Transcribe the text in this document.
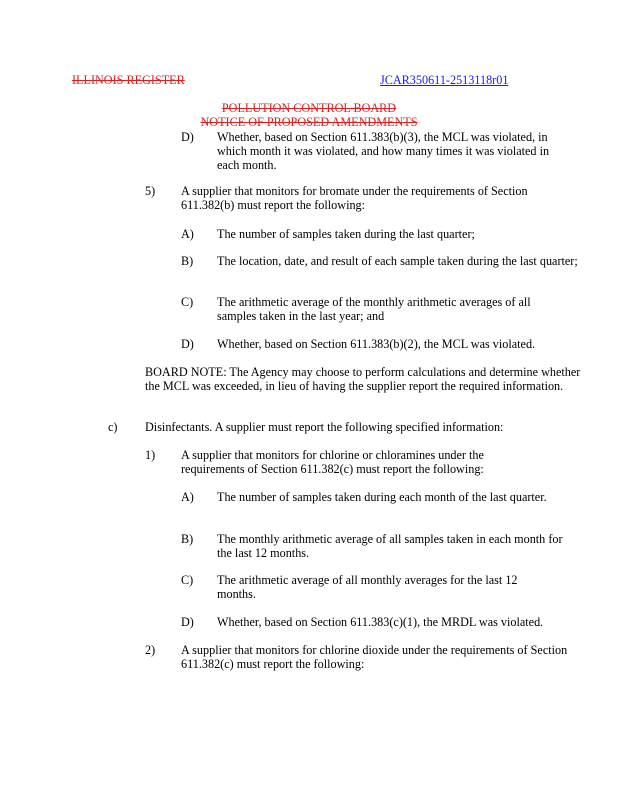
ILLINOIS REGISTER	JCAR350611-2513118r01
POLLUTION CONTROL BOARD
NOTICE OF PROPOSED AMENDMENTS
D) Whether, based on Section 611.383(b)(3), the MCL was violated, in which month it was violated, and how many times it was violated in each month.
5) A supplier that monitors for bromate under the requirements of Section 611.382(b) must report the following:
A) The number of samples taken during the last quarter;
B) The location, date, and result of each sample taken during the last quarter;
C) The arithmetic average of the monthly arithmetic averages of all samples taken in the last year; and
D) Whether, based on Section 611.383(b)(2), the MCL was violated.
BOARD NOTE: The Agency may choose to perform calculations and determine whether the MCL was exceeded, in lieu of having the supplier report the required information.
c) Disinfectants. A supplier must report the following specified information:
1) A supplier that monitors for chlorine or chloramines under the requirements of Section 611.382(c) must report the following:
A) The number of samples taken during each month of the last quarter.
B) The monthly arithmetic average of all samples taken in each month for the last 12 months.
C) The arithmetic average of all monthly averages for the last 12 months.
D) Whether, based on Section 611.383(c)(1), the MRDL was violated.
2) A supplier that monitors for chlorine dioxide under the requirements of Section 611.382(c) must report the following:
